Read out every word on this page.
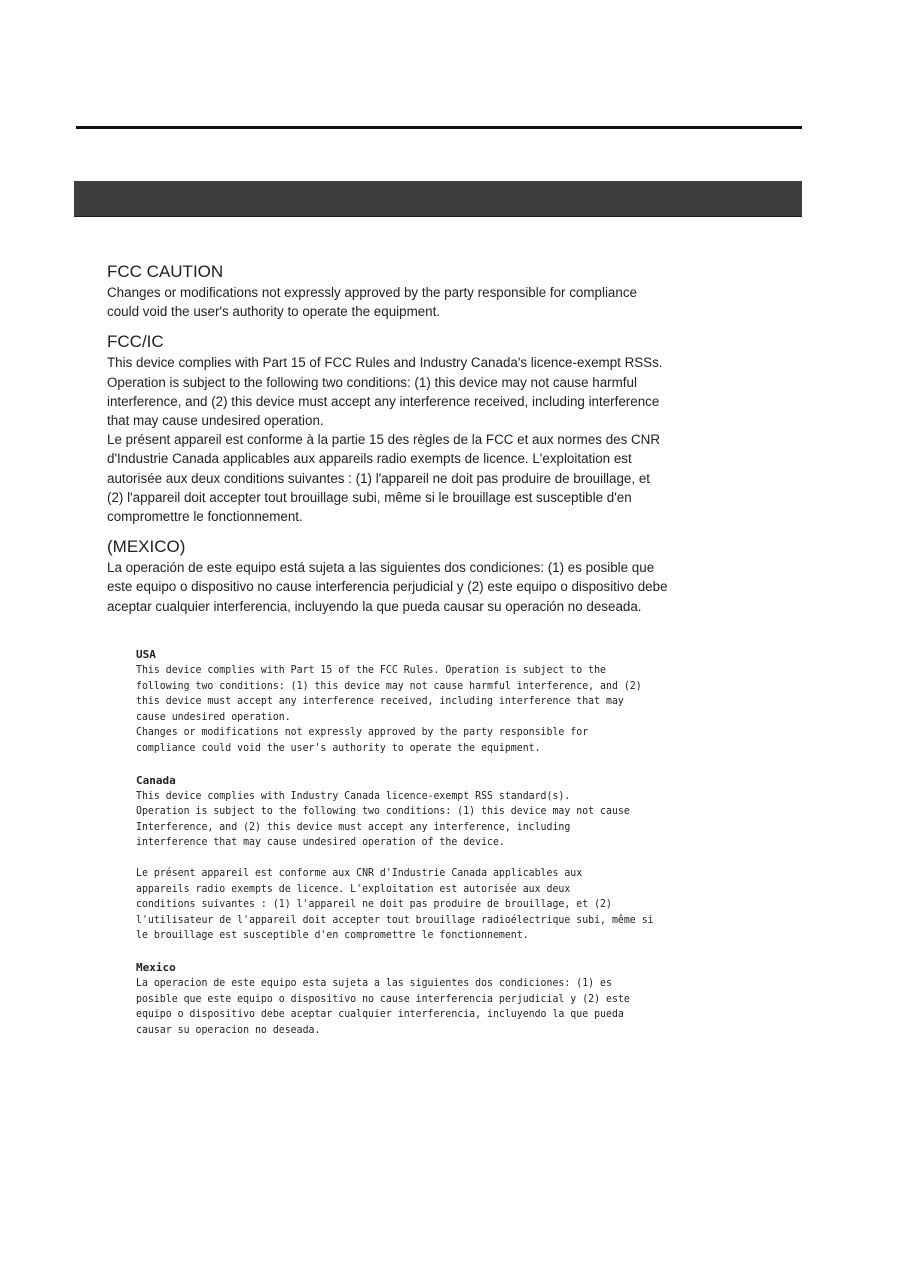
FCC CAUTION

Changes or modifications not expressly approved by the party responsible for compliance

could void the user's authority to operate the equipment.

FCC/IC

This device complies with Part 15 of FCC Rules and Industry Canada's licence-exempt RSSs.

Operation is subject to the following two conditions: (1) this device may not cause harmful

interference, and (2) this device must accept any interference received, including interference

that may cause undesired operation.

Le présent appareil est conforme à la partie 15 des règles de la FCC et aux normes des CNR

d'Industrie Canada applicables aux appareils radio exempts de licence. L'exploitation est

autorisée aux deux conditions suivantes : (1) l'appareil ne doit pas produire de brouillage, et

(2) l'appareil doit accepter tout brouillage subi, même si le brouillage est susceptible d'en

compromettre le fonctionnement.

(MEXICO)

La operación de este equipo está sujeta a las siguientes dos condiciones: (1) es posible que

este equipo o dispositivo no cause interferencia perjudicial y (2) este equipo o dispositivo debe

aceptar cualquier interferencia, incluyendo la que pueda causar su operación no deseada.

USA

This device complies with Part 15 of the FCC Rules. Operation is subject to the

following two conditions: (1) this device may not cause harmful interference, and (2)

this device must accept any interference received, including interference that may

cause undesired operation.

Changes or modifications not expressly approved by the party responsible for

compliance could void the user's authority to operate the equipment.

Canada

This device complies with Industry Canada licence-exempt RSS standard(s).

Operation is subject to the following two conditions: (1) this device may not cause

Interference, and (2) this device must accept any interference, including

interference that may cause undesired operation of the device.

Le présent appareil est conforme aux CNR d'Industrie Canada applicables aux

appareils radio exempts de licence. L'exploitation est autorisée aux deux

conditions suivantes : (1) l'appareil ne doit pas produire de brouillage, et (2)

l'utilisateur de l'appareil doit accepter tout brouillage radioélectrique subi, même si

le brouillage est susceptible d'en compromettre le fonctionnement.

Mexico

La operacion de este equipo esta sujeta a las siguientes dos condiciones: (1) es

posible que este equipo o dispositivo no cause interferencia perjudicial y (2) este

equipo o dispositivo debe aceptar cualquier interferencia, incluyendo la que pueda

causar su operacion no deseada.
